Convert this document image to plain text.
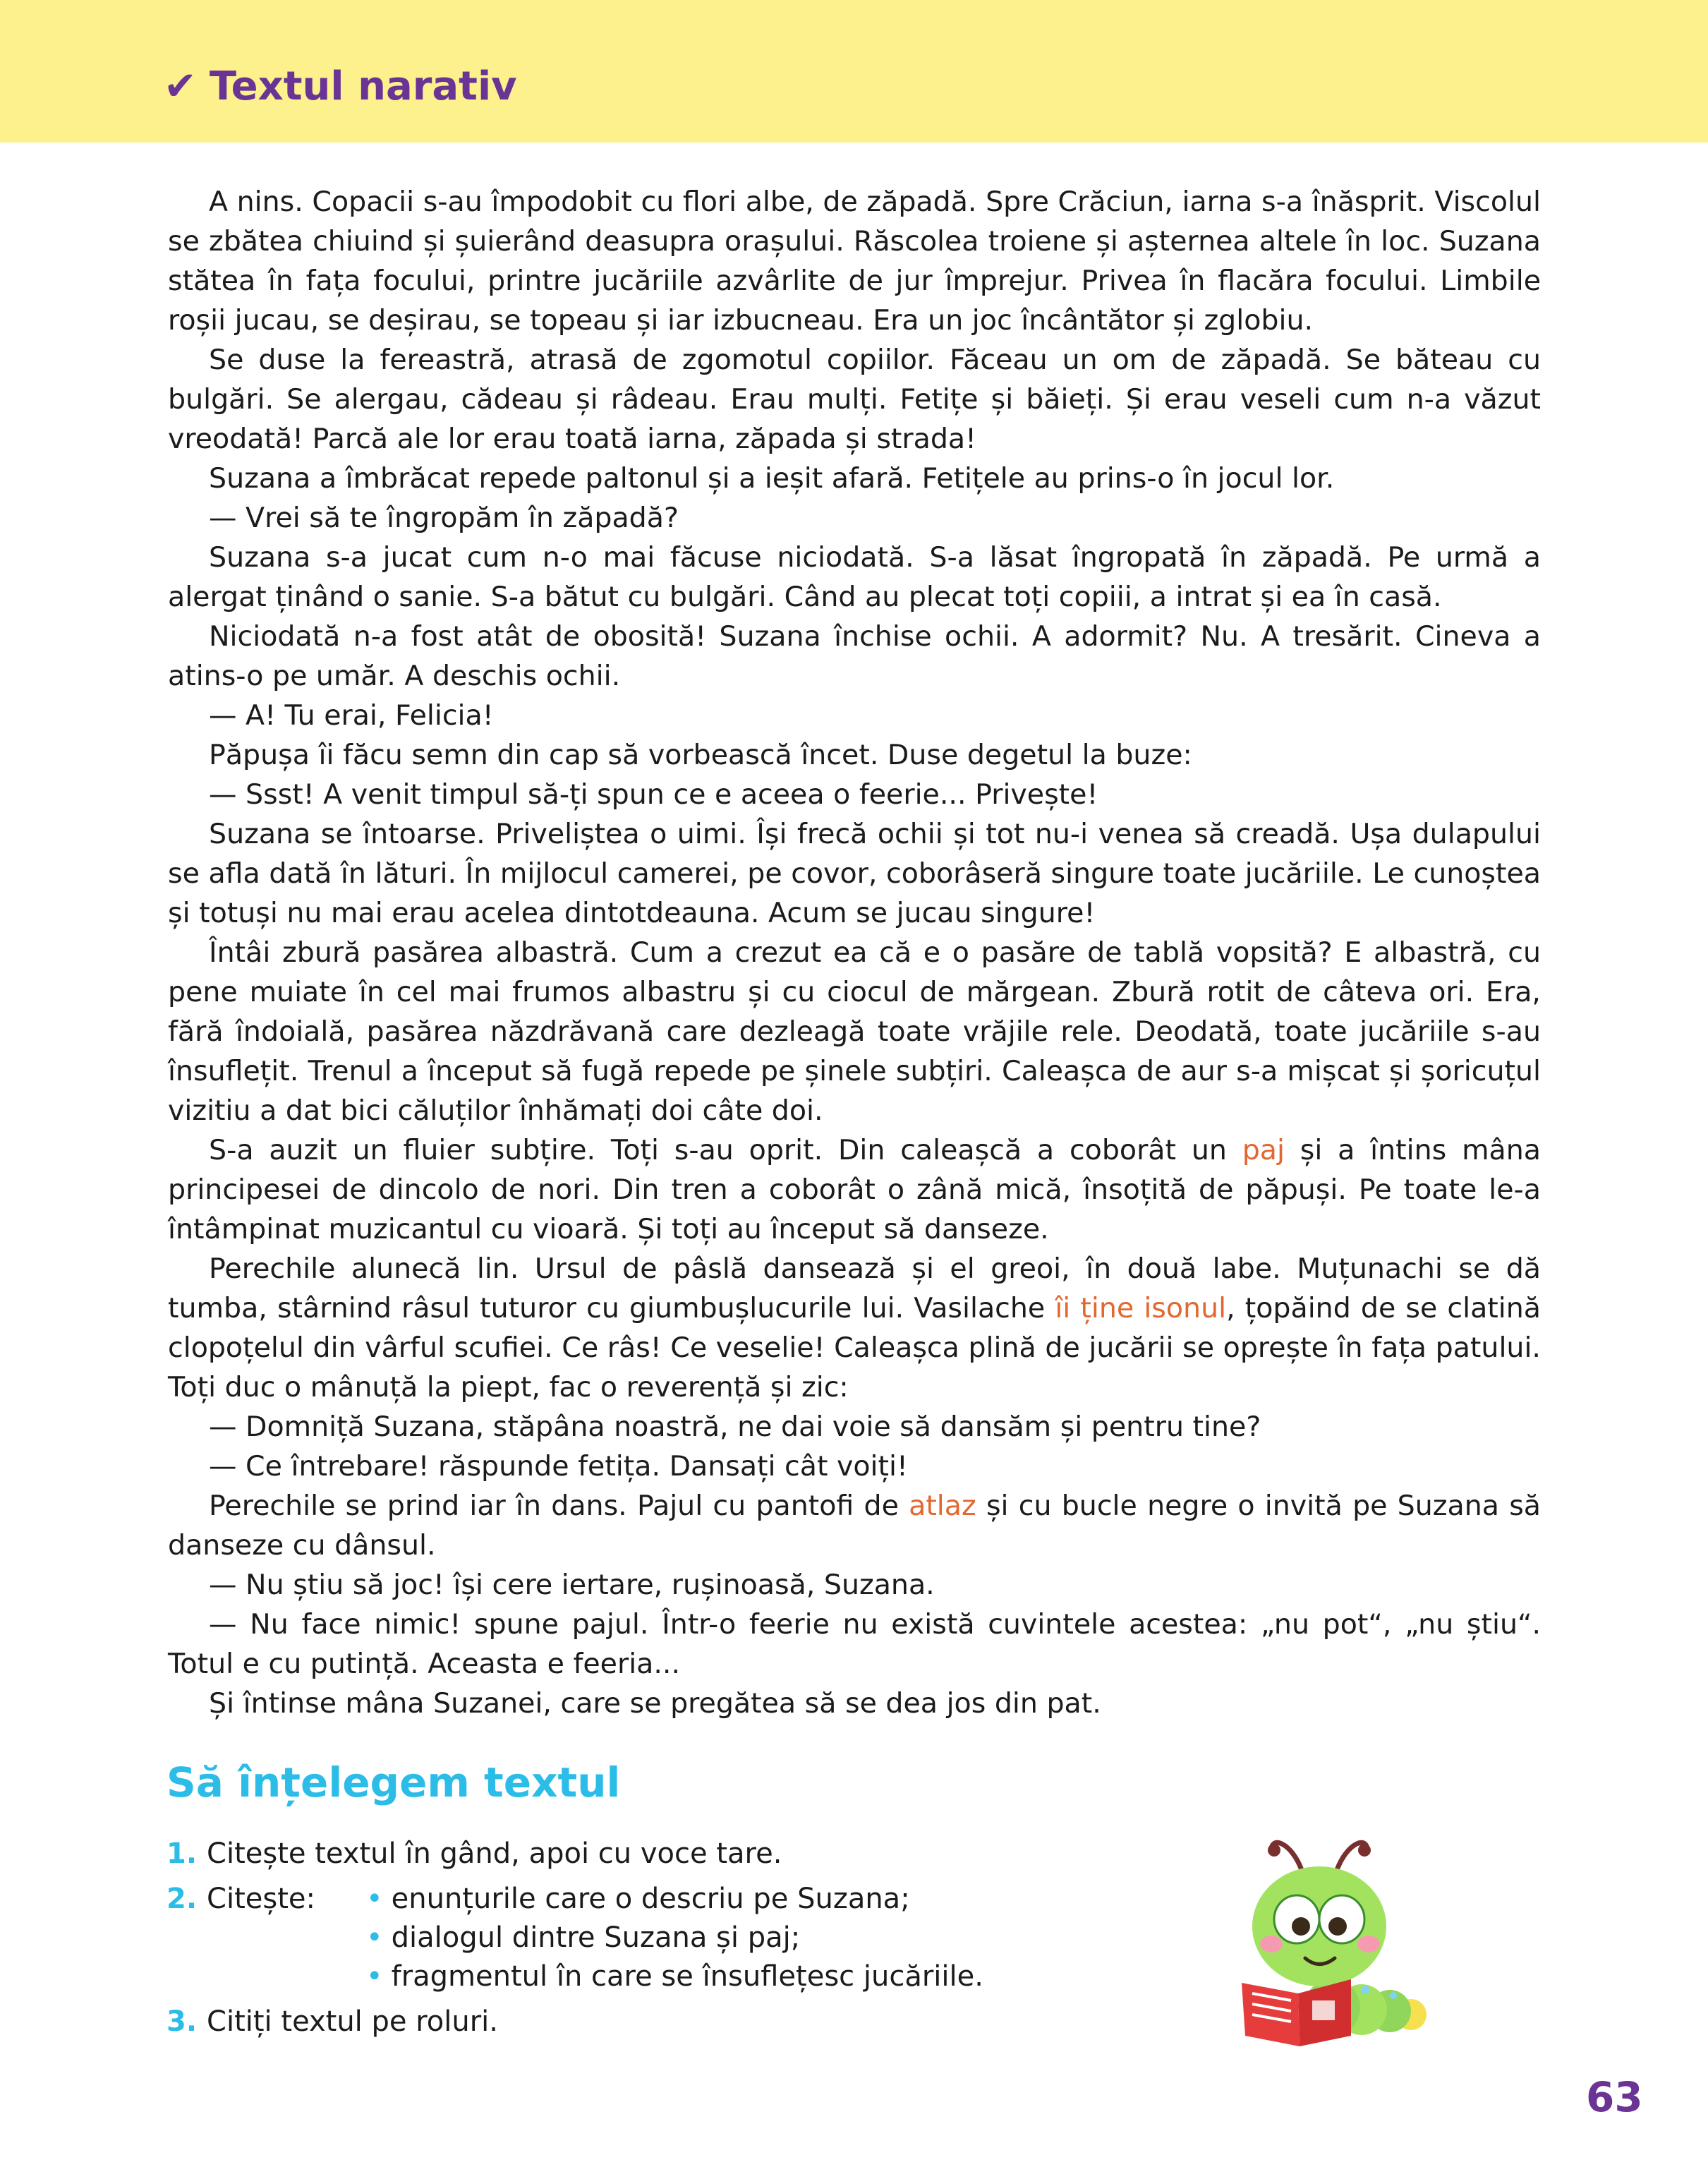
✔ Textul narativ

A nins. Copacii s-au împodobit cu flori albe, de zăpadă. Spre Crăciun, iarna s-a înăsprit. Viscolul se zbătea chiuind și șuierând deasupra orașului. Răscolea troiene și așternea altele în loc. Suzana stătea în fața focului, printre jucăriile azvârlite de jur împrejur. Privea în flacăra focului. Limbile roșii jucau, se deșirau, se topeau și iar izbucneau. Era un joc încântător și zglobiu.

Se duse la fereastră, atrasă de zgomotul copiilor. Făceau un om de zăpadă. Se băteau cu bulgări. Se alergau, cădeau și râdeau. Erau mulți. Fetițe și băieți. Și erau veseli cum n-a văzut vreodată! Parcă ale lor erau toată iarna, zăpada și strada!

Suzana a îmbrăcat repede paltonul și a ieșit afară. Fetițele au prins-o în jocul lor.

— Vrei să te îngropăm în zăpadă?

Suzana s-a jucat cum n-o mai făcuse niciodată. S-a lăsat îngropată în zăpadă. Pe urmă a alergat ținând o sanie. S-a bătut cu bulgări. Când au plecat toți copiii, a intrat și ea în casă.

Niciodată n-a fost atât de obosită! Suzana închise ochii. A adormit? Nu. A tresărit. Cineva a atins-o pe umăr. A deschis ochii.

— A! Tu erai, Felicia!

Păpușa îi făcu semn din cap să vorbească încet. Duse degetul la buze:

— Ssst! A venit timpul să-ți spun ce e aceea o feerie... Privește!

Suzana se întoarse. Priveliștea o uimi. Își frecă ochii și tot nu-i venea să creadă. Ușa dulapului se afla dată în lături. În mijlocul camerei, pe covor, coborâseră singure toate jucăriile. Le cunoștea și totuși nu mai erau acelea dintotdeauna. Acum se jucau singure!

Întâi zbură pasărea albastră. Cum a crezut ea că e o pasăre de tablă vopsită? E albastră, cu pene muiate în cel mai frumos albastru și cu ciocul de mărgean. Zbură rotit de câteva ori. Era, fără îndoială, pasărea năzdrăvană care dezleagă toate vrăjile rele. Deodată, toate jucăriile s-au însuflețit. Trenul a început să fugă repede pe șinele subțiri. Caleașca de aur s-a mișcat și șoricuțul vizitiu a dat bici căluților înhămați doi câte doi.

S-a auzit un fluier subțire. Toți s-au oprit. Din caleașcă a coborât un paj și a întins mâna principesei de dincolo de nori. Din tren a coborât o zână mică, însoțită de păpuși. Pe toate le-a întâmpinat muzicantul cu vioară. Și toți au început să danseze.

Perechile alunecă lin. Ursul de pâslă dansează și el greoi, în două labe. Muțunachi se dă tumba, stârnind râsul tuturor cu giumbușlucurile lui. Vasilache îi ține isonul, țopăind de se clatină clopoțelul din vârful scufiei. Ce râs! Ce veselie! Caleașca plină de jucării se oprește în fața patului. Toți duc o mânuță la piept, fac o reverență și zic:

— Domniță Suzana, stăpâna noastră, ne dai voie să dansăm și pentru tine?

— Ce întrebare! răspunde fetița. Dansați cât voiți!

Perechile se prind iar în dans. Pajul cu pantofi de atlaz și cu bucle negre o invită pe Suzana să danseze cu dânsul.

— Nu știu să joc! își cere iertare, rușinoasă, Suzana.

— Nu face nimic! spune pajul. Într-o feerie nu există cuvintele acestea: „nu pot“, „nu știu“. Totul e cu putință. Aceasta e feeria...

Și întinse mâna Suzanei, care se pregătea să se dea jos din pat.

Să înțelegem textul
1. Citește textul în gând, apoi cu voce tare.
2. Citește:	• enunțurile care o descriu pe Suzana;
• dialogul dintre Suzana și paj;
• fragmentul în care se însuflețesc jucăriile.
3. Citiți textul pe roluri.
63
